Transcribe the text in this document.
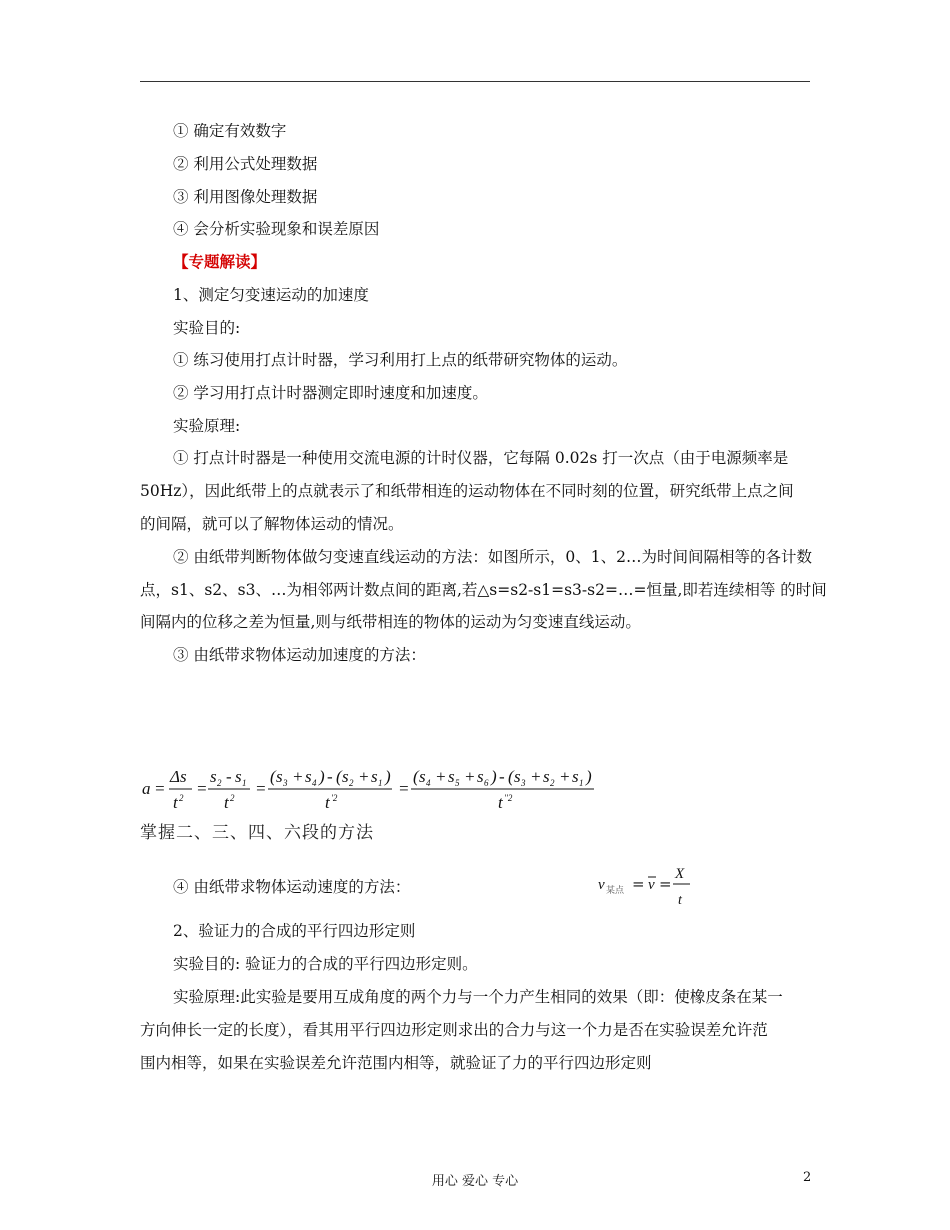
① 确定有效数字
② 利用公式处理数据
③ 利用图像处理数据
④ 会分析实验现象和误差原因
【专题解读】
1、测定匀变速运动的加速度
实验目的:
① 练习使用打点计时器，学习利用打上点的纸带研究物体的运动。
② 学习用打点计时器测定即时速度和加速度。
实验原理:
① 打点计时器是一种使用交流电源的计时仪器，它每隔 0.02s 打一次点（由于电源频率是
50Hz），因此纸带上的点就表示了和纸带相连的运动物体在不同时刻的位置，研究纸带上点之间
的间隔，就可以了解物体运动的情况。
② 由纸带判断物体做匀变速直线运动的方法：如图所示，0、1、2…为时间间隔相等的各计数
点，s1、s2、s3、…为相邻两计数点间的距离,若△s=s2-s1=s3-s2=…=恒量,即若连续相等 的时间
间隔内的位移之差为恒量,则与纸带相连的物体的运动为匀变速直线运动。
③ 由纸带求物体运动加速度的方法：
a =
Δs
t 2 =
s 2 - s 1
t 2 =
( s 3 + s 4 ) - ( s 2 + s 1 )
t '2	=
( s 4 + s 5 + s 6 ) - ( s 3 + s 2 + s 1 )
t ''2
掌握二、三、四、六段的方法
④ 由纸带求物体运动速度的方法：	v 某点 = v =
X
t
2、验证力的合成的平行四边形定则
实验目的: 验证力的合成的平行四边形定则。
实验原理:此实验是要用互成角度的两个力与一个力产生相同的效果（即：使橡皮条在某一
方向伸长一定的长度），看其用平行四边形定则求出的合力与这一个力是否在实验误差允许范
围内相等，如果在实验误差允许范围内相等，就验证了力的平行四边形定则
用心 爱心 专心	2
